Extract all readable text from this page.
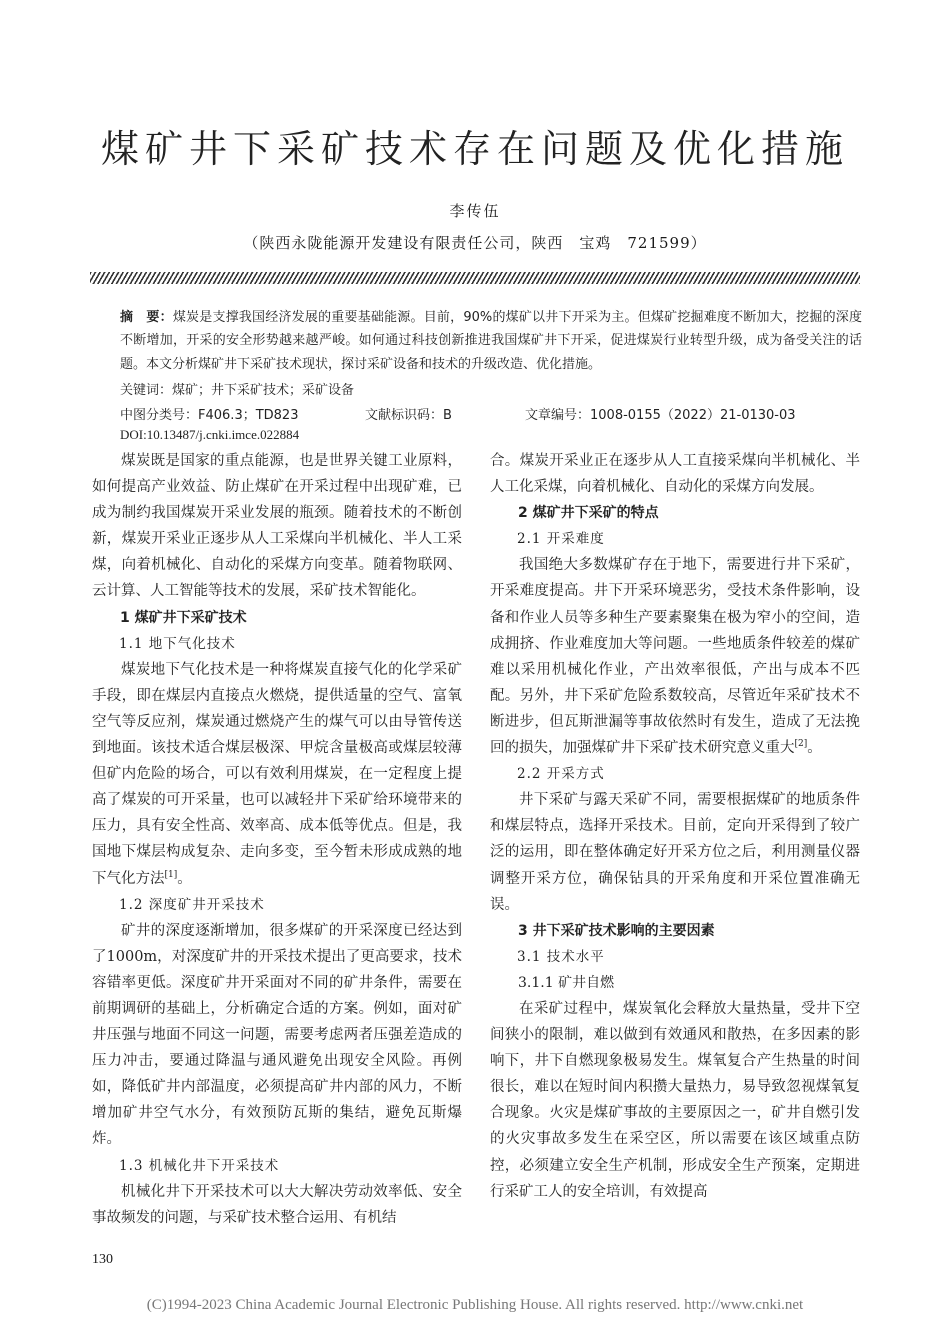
煤矿井下采矿技术存在问题及优化措施
李传伍
（陕西永陇能源开发建设有限责任公司，陕西　宝鸡　721599）
摘　要：煤炭是支撑我国经济发展的重要基础能源。目前，90%的煤矿以井下开采为主。但煤矿挖掘难度不断加大，挖掘的深度不断增加，开采的安全形势越来越严峻。如何通过科技创新推进我国煤矿井下开采，促进煤炭行业转型升级，成为备受关注的话题。本文分析煤矿井下采矿技术现状，探讨采矿设备和技术的升级改造、优化措施。
关键词：煤矿；井下采矿技术；采矿设备
中图分类号：F406.3；TD823	文献标识码：B	文章编号：1008-0155（2022）21-0130-03
DOI:10.13487/j.cnki.imce.022884

煤炭既是国家的重点能源，也是世界关键工业原料，如何提高产业效益、防止煤矿在开采过程中出现矿难，已成为制约我国煤炭开采业发展的瓶颈。随着技术的不断创新，煤炭开采业正逐步从人工采煤向半机械化、半人工采煤，向着机械化、自动化的采煤方向变革。随着物联网、云计算、人工智能等技术的发展，采矿技术智能化。

1 煤矿井下采矿技术
1.1 地下气化技术

煤炭地下气化技术是一种将煤炭直接气化的化学采矿手段，即在煤层内直接点火燃烧，提供适量的空气、富氧空气等反应剂，煤炭通过燃烧产生的煤气可以由导管传送到地面。该技术适合煤层极深、甲烷含量极高或煤层较薄但矿内危险的场合，可以有效利用煤炭，在一定程度上提高了煤炭的可开采量，也可以减轻井下采矿给环境带来的压力，具有安全性高、效率高、成本低等优点。但是，我国地下煤层构成复杂、走向多变，至今暂未形成成熟的地下气化方法[1]。

1.2 深度矿井开采技术

矿井的深度逐渐增加，很多煤矿的开采深度已经达到了1000m，对深度矿井的开采技术提出了更高要求，技术容错率更低。深度矿井开采面对不同的矿井条件，需要在前期调研的基础上，分析确定合适的方案。例如，面对矿井压强与地面不同这一问题，需要考虑两者压强差造成的压力冲击，要通过降温与通风避免出现安全风险。再例如，降低矿井内部温度，必须提高矿井内部的风力，不断增加矿井空气水分，有效预防瓦斯的集结，避免瓦斯爆炸。

1.3 机械化井下开采技术

机械化井下开采技术可以大大解决劳动效率低、安全事故频发的问题，与采矿技术整合运用、有机结

合。煤炭开采业正在逐步从人工直接采煤向半机械化、半人工化采煤，向着机械化、自动化的采煤方向发展。

2 煤矿井下采矿的特点
2.1 开采难度

我国绝大多数煤矿存在于地下，需要进行井下采矿，开采难度提高。井下开采环境恶劣，受技术条件影响，设备和作业人员等多种生产要素聚集在极为窄小的空间，造成拥挤、作业难度加大等问题。一些地质条件较差的煤矿难以采用机械化作业，产出效率很低，产出与成本不匹配。另外，井下采矿危险系数较高，尽管近年采矿技术不断进步，但瓦斯泄漏等事故依然时有发生，造成了无法挽回的损失，加强煤矿井下采矿技术研究意义重大[2]。

2.2 开采方式

井下采矿与露天采矿不同，需要根据煤矿的地质条件和煤层特点，选择开采技术。目前，定向开采得到了较广泛的运用，即在整体确定好开采方位之后，利用测量仪器调整开采方位，确保钻具的开采角度和开采位置准确无误。

3 井下采矿技术影响的主要因素
3.1 技术水平
3.1.1 矿井自燃

在采矿过程中，煤炭氧化会释放大量热量，受井下空间狭小的限制，难以做到有效通风和散热，在多因素的影响下，井下自燃现象极易发生。煤氧复合产生热量的时间很长，难以在短时间内积攒大量热力，易导致忽视煤氧复合现象。火灾是煤矿事故的主要原因之一，矿井自燃引发的火灾事故多发生在采空区，所以需要在该区域重点防控，必须建立安全生产机制，形成安全生产预案，定期进行采矿工人的安全培训，有效提高

130
(C)1994-2023 China Academic Journal Electronic Publishing House. All rights reserved. http://www.cnki.net
